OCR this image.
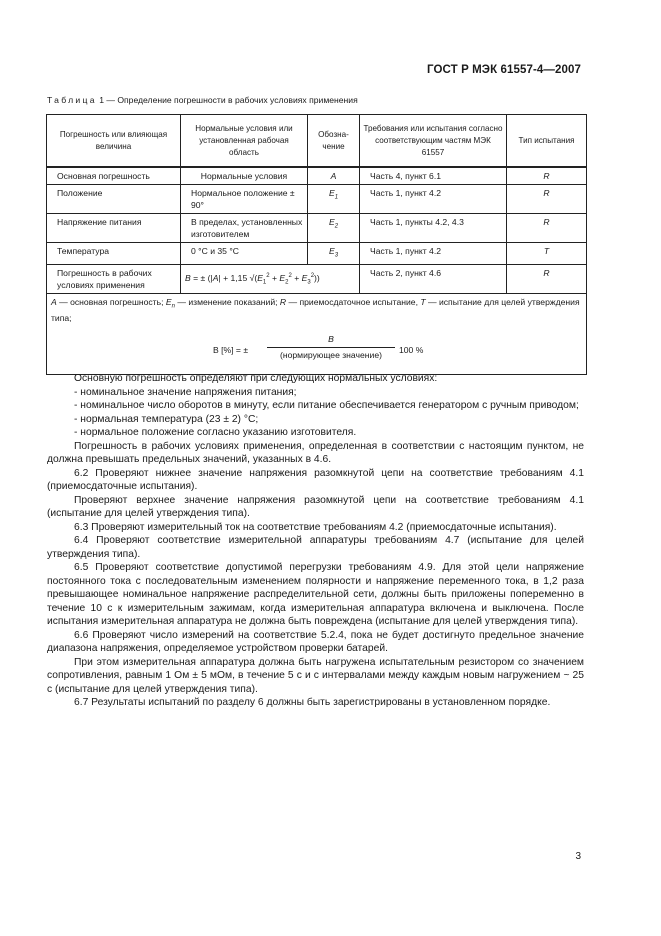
ГОСТ Р МЭК 61557-4—2007
Таблица 1 — Определение погрешности в рабочих условиях применения
Погрешность или влияющая величина	Нормальные условия или установленная рабочая область	Обозна-чение	Требования или испытания согласно соответствующим частям МЭК 61557	Тип испытания
Основная погрешность	Нормальные условия	A	Часть 4, пункт 6.1	R
Положение	Нормальное положение ± 90°	$E_1$	Часть 1, пункт 4.2	R
Напряжение питания	В пределах, установленных изготовителем	$E_2$	Часть 1, пункты 4.2, 4.3	R
Температура	0 °C и 35 °C	$E_3$	Часть 1, пункт 4.2	T
Погрешность в рабочих условиях применения	B = ± (|A| + 1,15 $√(E_1^2 + E_2^2 + E_3^2)$)		Часть 2, пункт 4.6	R

A — основная погрешность; $E_n$ — изменение показаний; R — приемосдаточное испытание, T — испытание для целей утверждения типа;
B [%] = ±
B
(нормирующее значение) 100 %				

Основную погрешность определяют при следующих нормальных условиях:

- номинальное значение напряжения питания;

- номинальное число оборотов в минуту, если питание обеспечивается генератором с ручным приводом;

- нормальная температура (23 ± 2) °C;

- нормальное положение согласно указанию изготовителя.

Погрешность в рабочих условиях применения, определенная в соответствии с настоящим пунктом, не должна превышать предельных значений, указанных в 4.6.

6.2 Проверяют нижнее значение напряжения разомкнутой цепи на соответствие требованиям 4.1 (приемосдаточные испытания).

Проверяют верхнее значение напряжения разомкнутой цепи на соответствие требованиям 4.1 (испытание для целей утверждения типа).

6.3 Проверяют измерительный ток на соответствие требованиям 4.2 (приемосдаточные испытания).

6.4 Проверяют соответствие измерительной аппаратуры требованиям 4.7 (испытание для целей утверждения типа).

6.5 Проверяют соответствие допустимой перегрузки требованиям 4.9. Для этой цели напряжение постоянного тока с последовательным изменением полярности и напряжение переменного тока, в 1,2 раза превышающее номинальное напряжение распределительной сети, должны быть приложены попеременно в течение 10 с к измерительным зажимам, когда измерительная аппаратура включена и выключена. После испытания измерительная аппаратура не должна быть повреждена (испытание для целей утверждения типа).

6.6 Проверяют число измерений на соответствие 5.2.4, пока не будет достигнуто предельное значение диапазона напряжения, определяемое устройством проверки батарей.

При этом измерительная аппаратура должна быть нагружена испытательным резистором со значением сопротивления, равным 1 Ом ± 5 мОм, в течение 5 с и с интервалами между каждым новым нагружением ~ 25 с (испытание для целей утверждения типа).

6.7 Результаты испытаний по разделу 6 должны быть зарегистрированы в установленном порядке.

3
